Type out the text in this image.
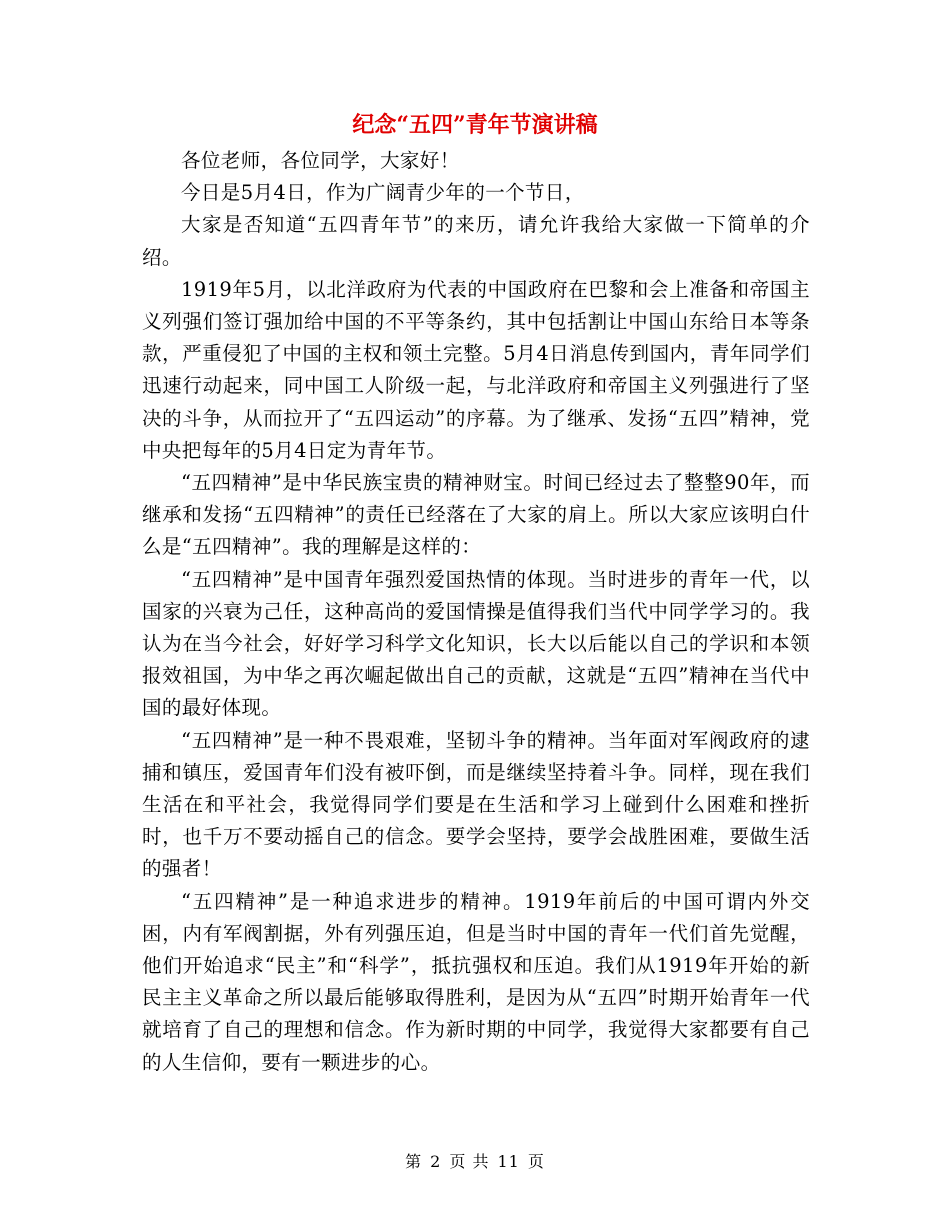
纪念“五四”青年节演讲稿

各位老师，各位同学，大家好！

今日是5月4日，作为广阔青少年的一个节日，

大家是否知道“五四青年节”的来历，请允许我给大家做一下简单的介绍。

1919年5月，以北洋政府为代表的中国政府在巴黎和会上准备和帝国主义列强们签订强加给中国的不平等条约，其中包括割让中国山东给日本等条款，严重侵犯了中国的主权和领土完整。5月4日消息传到国内，青年同学们迅速行动起来，同中国工人阶级一起，与北洋政府和帝国主义列强进行了坚决的斗争，从而拉开了“五四运动”的序幕。为了继承、发扬“五四”精神，党中央把每年的5月4日定为青年节。

“五四精神”是中华民族宝贵的精神财宝。时间已经过去了整整90年，而继承和发扬“五四精神”的责任已经落在了大家的肩上。所以大家应该明白什么是“五四精神”。我的理解是这样的：

“五四精神”是中国青年强烈爱国热情的体现。当时进步的青年一代，以国家的兴衰为己任，这种高尚的爱国情操是值得我们当代中同学学习的。我认为在当今社会，好好学习科学文化知识，长大以后能以自己的学识和本领报效祖国，为中华之再次崛起做出自己的贡献，这就是“五四”精神在当代中国的最好体现。

“五四精神”是一种不畏艰难，坚韧斗争的精神。当年面对军阀政府的逮捕和镇压，爱国青年们没有被吓倒，而是继续坚持着斗争。同样，现在我们生活在和平社会，我觉得同学们要是在生活和学习上碰到什么困难和挫折时，也千万不要动摇自己的信念。要学会坚持，要学会战胜困难，要做生活的强者！

“五四精神”是一种追求进步的精神。1919年前后的中国可谓内外交困，内有军阀割据，外有列强压迫，但是当时中国的青年一代们首先觉醒，他们开始追求“民主”和“科学”，抵抗强权和压迫。我们从1919年开始的新民主主义革命之所以最后能够取得胜利，是因为从“五四”时期开始青年一代就培育了自己的理想和信念。作为新时期的中同学，我觉得大家都要有自己的人生信仰，要有一颗进步的心。

第 2 页 共 11 页
